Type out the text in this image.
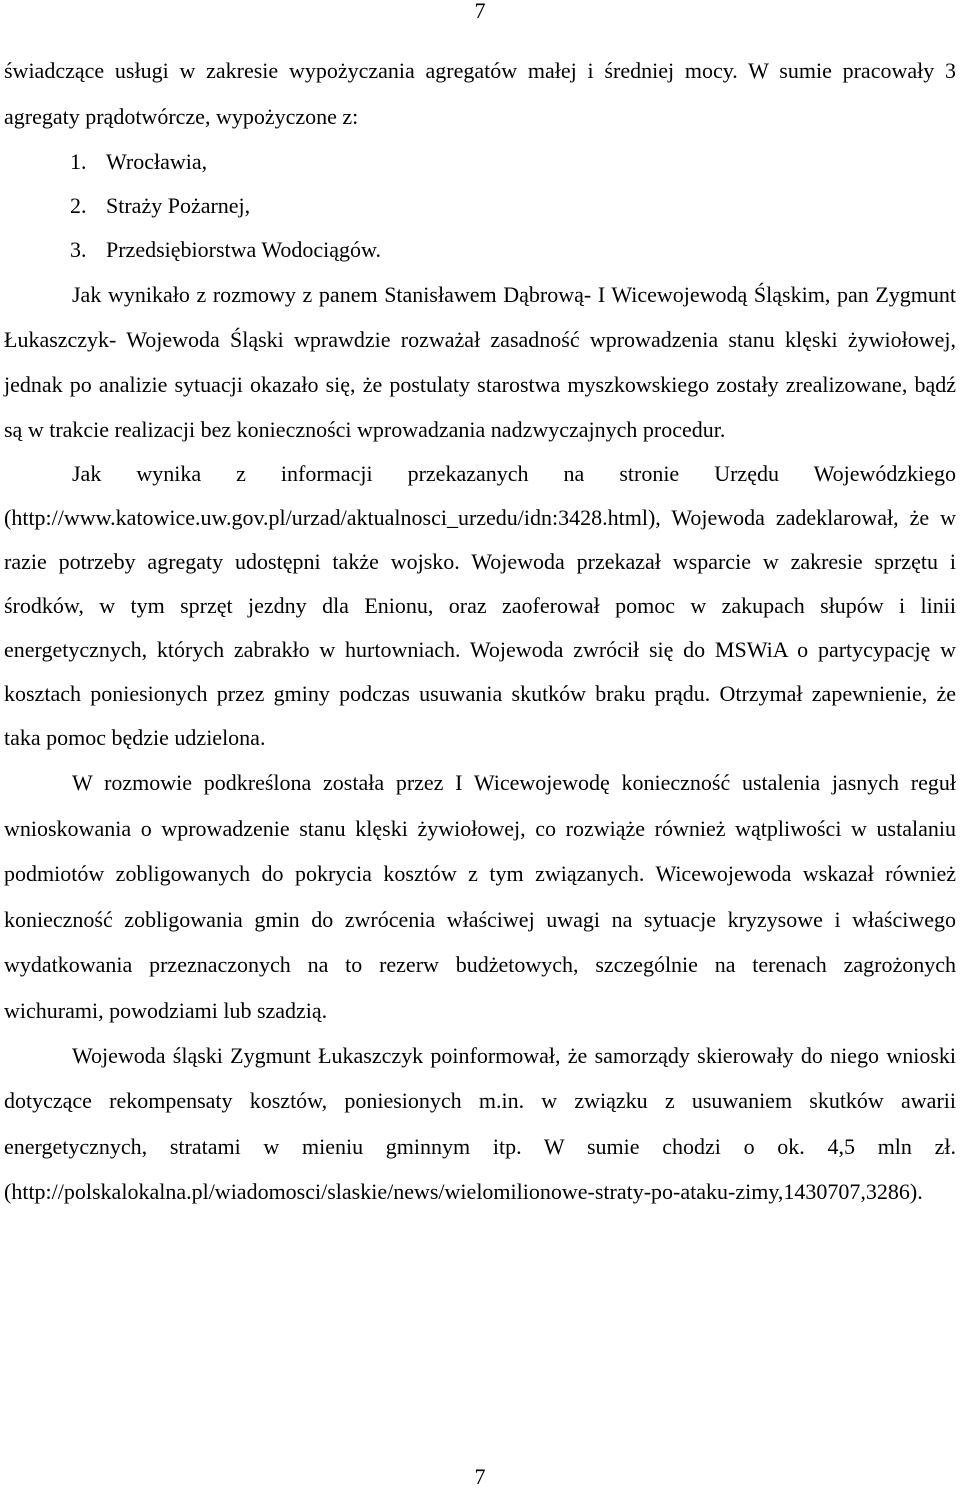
7

świadczące usługi w zakresie wypożyczania agregatów małej i średniej mocy. W sumie pracowały 3 agregaty prądotwórcze, wypożyczone z:

1. Wrocławia,
2. Straży Pożarnej,
3. Przedsiębiorstwa Wodociągów.

Jak wynikało z rozmowy z panem Stanisławem Dąbrową- I Wicewojewodą Śląskim, pan Zygmunt Łukaszczyk- Wojewoda Śląski wprawdzie rozważał zasadność wprowadzenia stanu klęski żywiołowej, jednak po analizie sytuacji okazało się, że postulaty starostwa myszkowskiego zostały zrealizowane, bądź są w trakcie realizacji bez konieczności wprowadzania nadzwyczajnych procedur.

Jak wynika z informacji przekazanych na stronie Urzędu Wojewódzkiego (http://www.katowice.uw.gov.pl/urzad/aktualnosci_urzedu/idn:3428.html), Wojewoda zadeklarował, że w razie potrzeby agregaty udostępni także wojsko. Wojewoda przekazał wsparcie w zakresie sprzętu i środków, w tym sprzęt jezdny dla Enionu, oraz zaoferował pomoc w zakupach słupów i linii energetycznych, których zabrakło w hurtowniach. Wojewoda zwrócił się do MSWiA o partycypację w kosztach poniesionych przez gminy podczas usuwania skutków braku prądu. Otrzymał zapewnienie, że taka pomoc będzie udzielona.

W rozmowie podkreślona została przez I Wicewojewodę konieczność ustalenia jasnych reguł wnioskowania o wprowadzenie stanu klęski żywiołowej, co rozwiąże również wątpliwości w ustalaniu podmiotów zobligowanych do pokrycia kosztów z tym związanych. Wicewojewoda wskazał również konieczność zobligowania gmin do zwrócenia właściwej uwagi na sytuacje kryzysowe i właściwego wydatkowania przeznaczonych na to rezerw budżetowych, szczególnie na terenach zagrożonych wichurami, powodziami lub szadzią.

Wojewoda śląski Zygmunt Łukaszczyk poinformował, że samorządy skierowały do niego wnioski dotyczące rekompensaty kosztów, poniesionych m.in. w związku z usuwaniem skutków awarii energetycznych, stratami w mieniu gminnym itp. W sumie chodzi o ok. 4,5 mln zł. (http://polskalokalna.pl/wiadomosci/slaskie/news/wielomilionowe-straty-po-ataku-zimy,1430707,3286).

7
